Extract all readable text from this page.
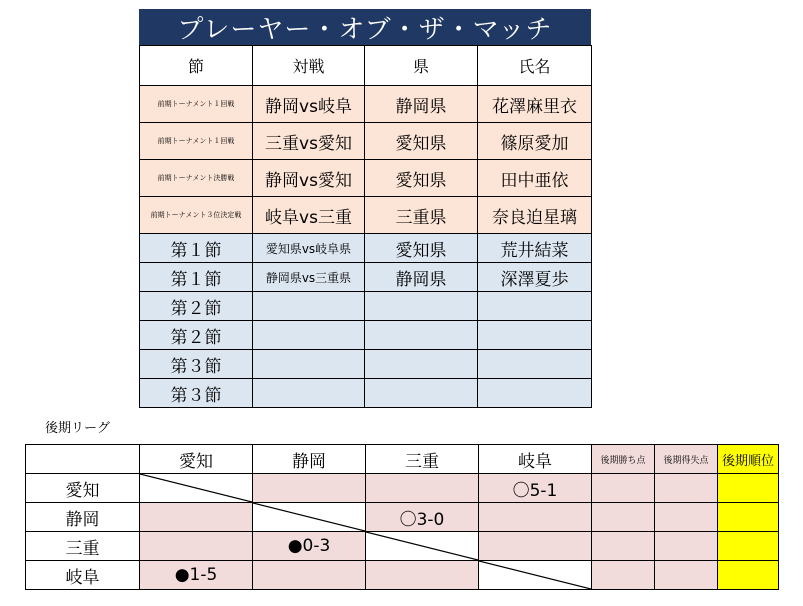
プレーヤー・オブ・ザ・マッチ
節	対戦	県	氏名
前期トーナメント１回戦	静岡vs岐阜	静岡県	花澤麻里衣
前期トーナメント１回戦	三重vs愛知	愛知県	篠原愛加
前期トーナメント決勝戦	静岡vs愛知	愛知県	田中亜依
前期トーナメント３位決定戦	岐阜vs三重	三重県	奈良迫星璃
第１節	愛知県vs岐阜県	愛知県	荒井結菜
第１節	静岡県vs三重県	静岡県	深澤夏歩
第２節			
第２節			
第３節			
第３節			
後期リーグ
	愛知	静岡	三重	岐阜	後期勝ち点	後期得失点	後期順位
愛知				〇5-1			
静岡			〇3-0				
三重		●0-3	

岐阜	●1-5			
